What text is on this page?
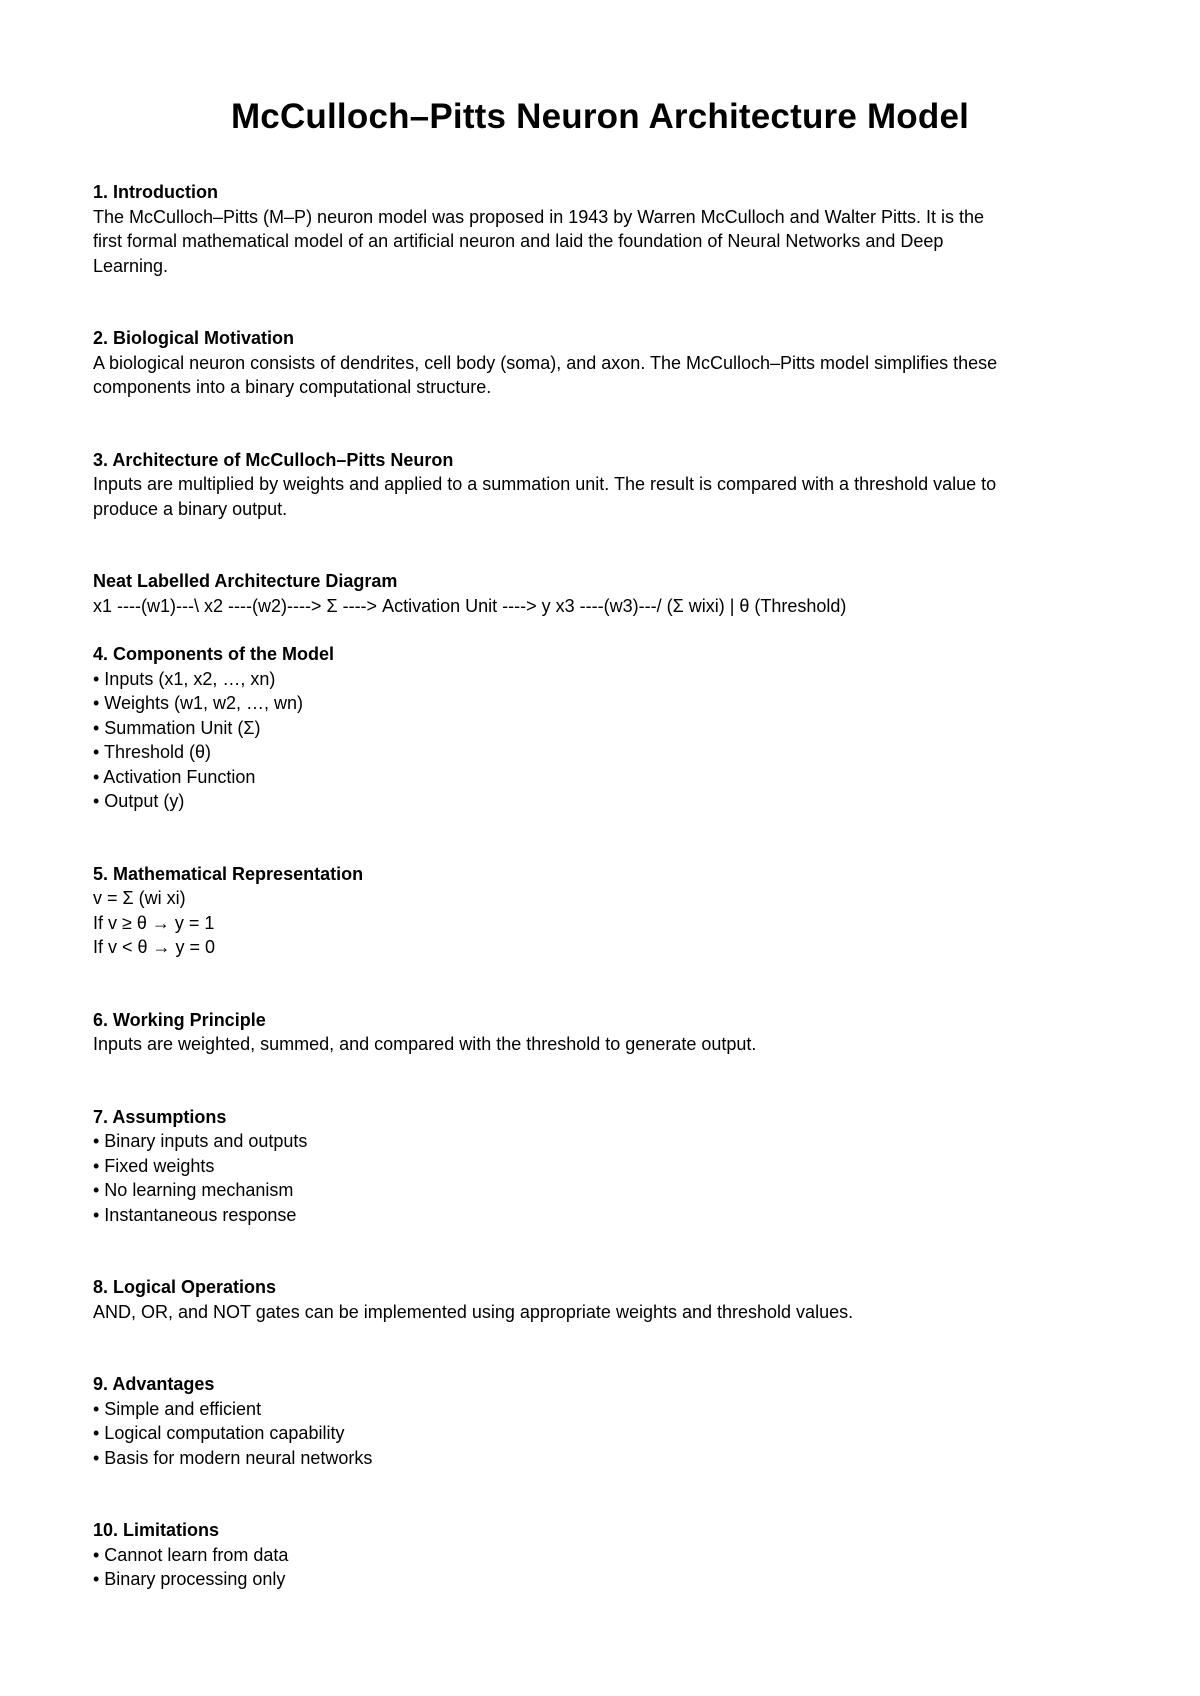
McCulloch–Pitts Neuron Architecture Model
1. Introduction

The McCulloch–Pitts (M–P) neuron model was proposed in 1943 by Warren McCulloch and Walter Pitts. It is the

first formal mathematical model of an artificial neuron and laid the foundation of Neural Networks and Deep

Learning.

2. Biological Motivation

A biological neuron consists of dendrites, cell body (soma), and axon. The McCulloch–Pitts model simplifies these

components into a binary computational structure.

3. Architecture of McCulloch–Pitts Neuron

Inputs are multiplied by weights and applied to a summation unit. The result is compared with a threshold value to

produce a binary output.

Neat Labelled Architecture Diagram

x1 ----(w1)---\ x2 ----(w2)----> Σ ----> Activation Unit ----> y x3 ----(w3)---/ (Σ wixi) | θ (Threshold)

4. Components of the Model
• Inputs (x1, x2, …, xn)
• Weights (w1, w2, …, wn)
• Summation Unit (Σ)
• Threshold (θ)
• Activation Function
• Output (y)
5. Mathematical Representation

v = Σ (wi xi)

If v ≥ θ → y = 1

If v < θ → y = 0

6. Working Principle

Inputs are weighted, summed, and compared with the threshold to generate output.

7. Assumptions
• Binary inputs and outputs
• Fixed weights
• No learning mechanism
• Instantaneous response
8. Logical Operations

AND, OR, and NOT gates can be implemented using appropriate weights and threshold values.

9. Advantages
• Simple and efficient
• Logical computation capability
• Basis for modern neural networks
10. Limitations
• Cannot learn from data
• Binary processing only
